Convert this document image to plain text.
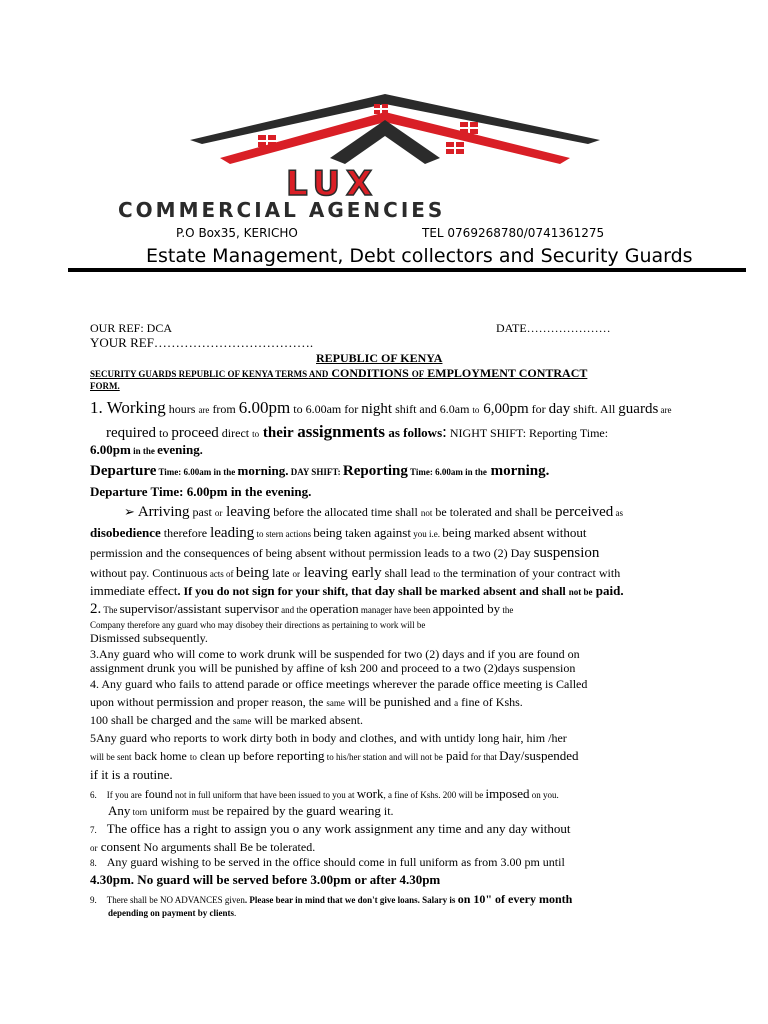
LUX
COMMERCIAL AGENCIES
P.O Box35, KERICHO	TEL 0769268780/0741361275
Estate Management, Debt collectors and Security Guards
OUR REF: DCA	DATE…………………
YOUR REF……………………………….
REPUBLIC OF KENYA
SECURITY GUARDS REPUBLIC OF KENYA TERMS AND CONDITIONS OF EMPLOYMENT CONTRACT
FORM.
1. Working hours are from 6.00pm to 6.00am for night shift and 6.0am to 6,00pm for day shift. All guards are
required to proceed direct to their assignments as follows: NIGHT SHIFT: Reporting Time:
6.00pm in the evening.
Departure Time: 6.00am in the morning. DAY SHIFT: Reporting Time: 6.00am in the morning.
Departure Time: 6.00pm in the evening.
➢ Arriving past or leaving before the allocated time shall not be tolerated and shall be perceived as
disobedience therefore leading to stern actions being taken against you i.e. being marked absent without
permission and the consequences of being absent without permission leads to a two (2) Day suspension
without pay. Continuous acts of being late or leaving early shall lead to the termination of your contract with
immediate effect. If you do not sign for your shift, that day shall be marked absent and shall not be paid.
2. The supervisor/assistant supervisor and the operation manager have been appointed by the
Company therefore any guard who may disobey their directions as pertaining to work will be
Dismissed subsequently.
3.Any guard who will come to work drunk will be suspended for two (2) days and if you are found on
assignment drunk you will be punished by affine of ksh 200 and proceed to a two (2)days suspension
4. Any guard who fails to attend parade or office meetings wherever the parade office meeting is Called
upon without permission and proper reason, the same will be punished and a fine of Kshs.
100 shall be charged and the same will be marked absent.
5Any guard who reports to work dirty both in body and clothes, and with untidy long hair, him /her
will be sent back home to clean up before reporting to his/her station and will not be paid for that Day/suspended
if it is a routine.
6. If you are found not in full uniform that have been issued to you at work, a fine of Kshs. 200 will be imposed on you.
Any torn uniform must be repaired by the guard wearing it.
7. The office has a right to assign you o any work assignment any time and any day without
or consent No arguments shall Be be tolerated.
8. Any guard wishing to be served in the office should come in full uniform as from 3.00 pm until
4.30pm. No guard will be served before 3.00pm or after 4.30pm
9. There shall be NO ADVANCES given. Please bear in mind that we don't give loans. Salary is on 10" of every month
depending on payment by clients.
